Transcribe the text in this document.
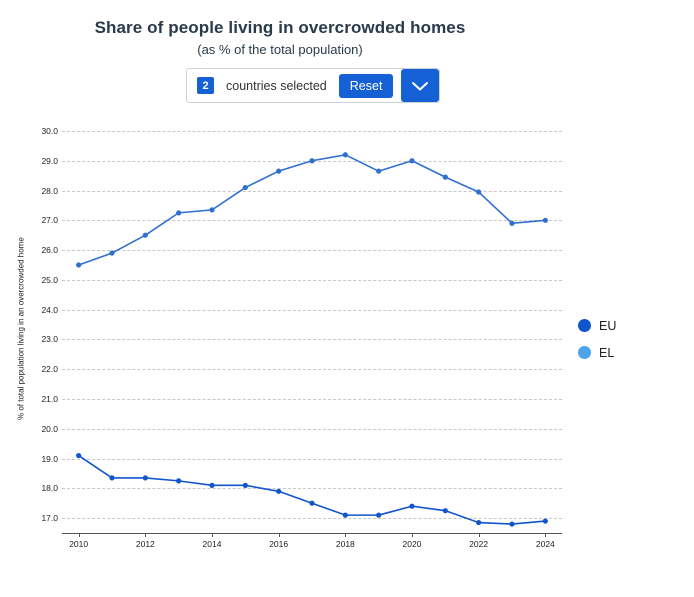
Share of people living in overcrowded homes
(as % of the total population)
2	countries selected	Reset
% of total population living in an overcrowded home
17.0
18.0
19.0
20.0
21.0
22.0
23.0
24.0
25.0
26.0
27.0
28.0
29.0
30.0
2010	2012	2014	2016	2018	2020	2022	2024
EU
EL
